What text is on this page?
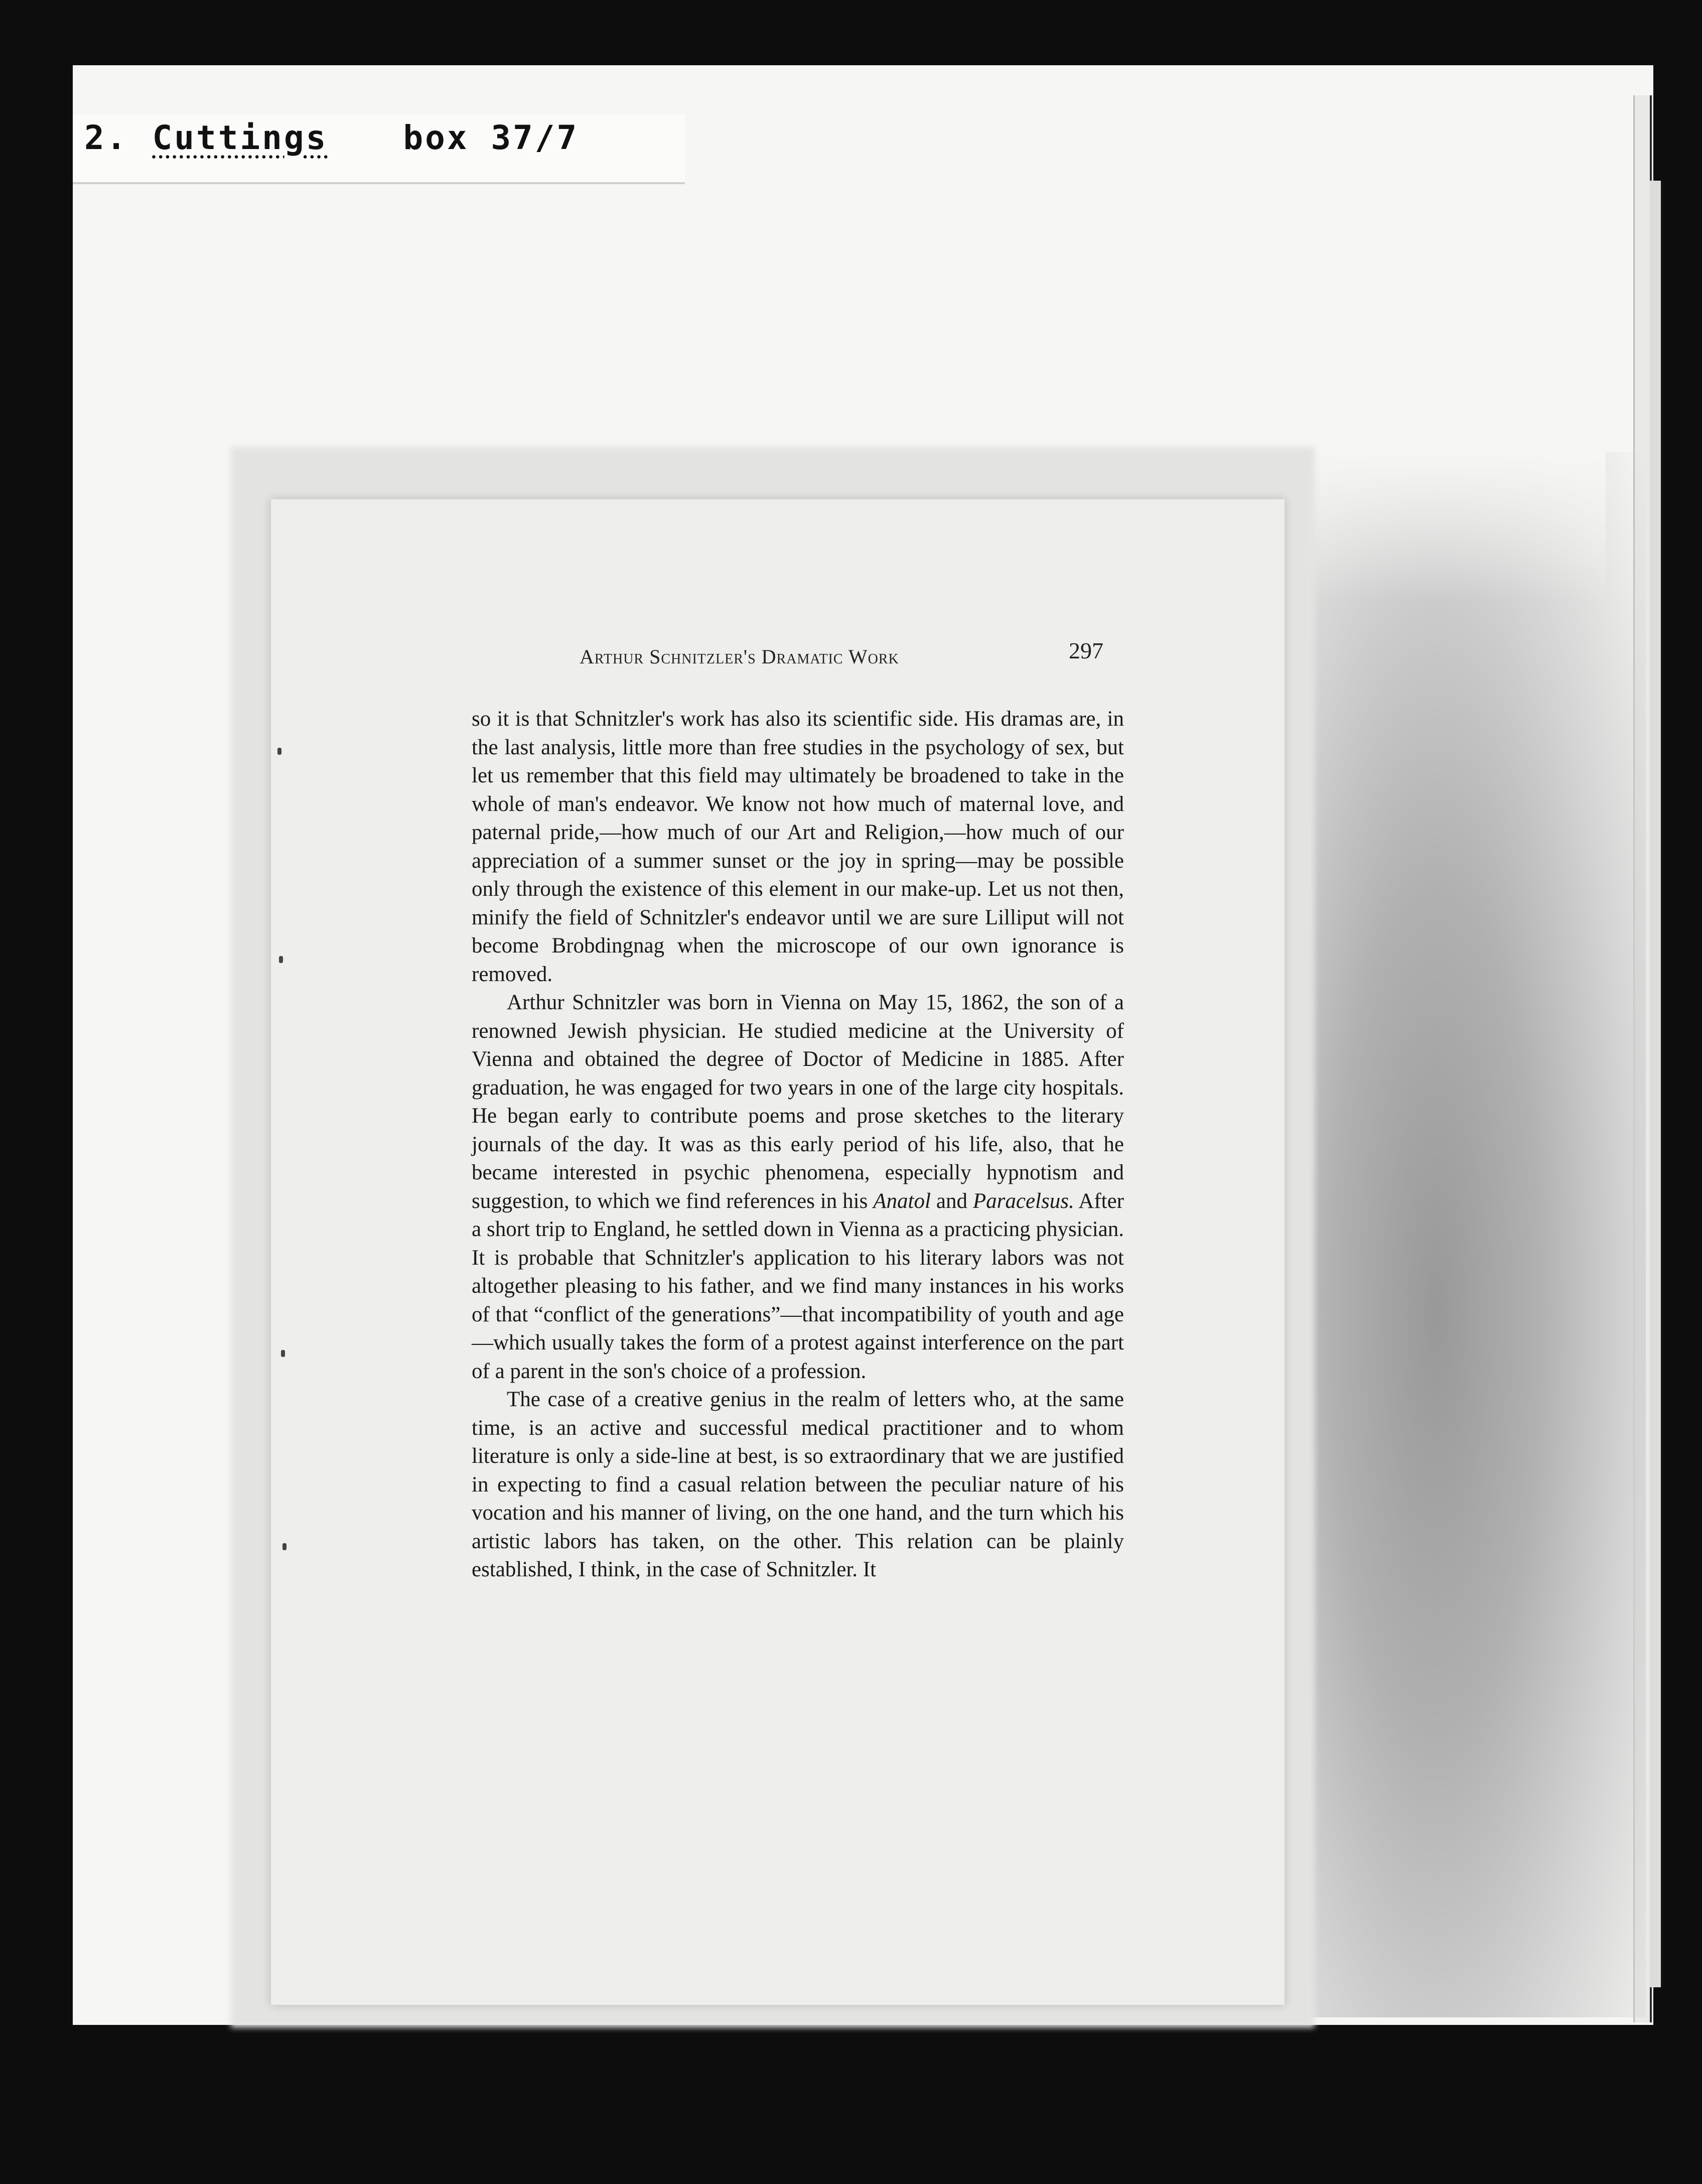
2. Cuttings box 37/7
Arthur Schnitzler's Dramatic Work	297

so it is that Schnitzler's work has also its scientific side. His dramas are, in the last analysis, little more than free studies in the psychology of sex, but let us remember that this field may ultimately be broadened to take in the whole of man's endeavor. We know not how much of maternal love, and paternal pride,—how much of our Art and Religion,—how much of our appreciation of a summer sunset or the joy in spring—may be possible only through the existence of this element in our make-up. Let us not then, minify the field of Schnitzler's endeavor until we are sure Lilliput will not become Brobdingnag when the microscope of our own ignorance is removed.

Arthur Schnitzler was born in Vienna on May 15, 1862, the son of a renowned Jewish physician. He studied medicine at the University of Vienna and obtained the degree of Doctor of Medicine in 1885. After graduation, he was engaged for two years in one of the large city hospitals. He began early to contribute poems and prose sketches to the literary journals of the day. It was as this early period of his life, also, that he became interested in psychic phenomena, especially hypnotism and suggestion, to which we find references in his Anatol and Paracelsus. After a short trip to England, he settled down in Vienna as a practicing physician. It is probable that Schnitzler's application to his literary labors was not altogether pleasing to his father, and we find many instances in his works of that “conflict of the generations”—that incompatibility of youth and age—which usually takes the form of a protest against interference on the part of a parent in the son's choice of a profession.

The case of a creative genius in the realm of letters who, at the same time, is an active and successful medical practitioner and to whom literature is only a side-line at best, is so extraordinary that we are justified in expecting to find a casual relation between the peculiar nature of his vocation and his manner of living, on the one hand, and the turn which his artistic labors has taken, on the other. This relation can be plainly established, I think, in the case of Schnitzler. It
